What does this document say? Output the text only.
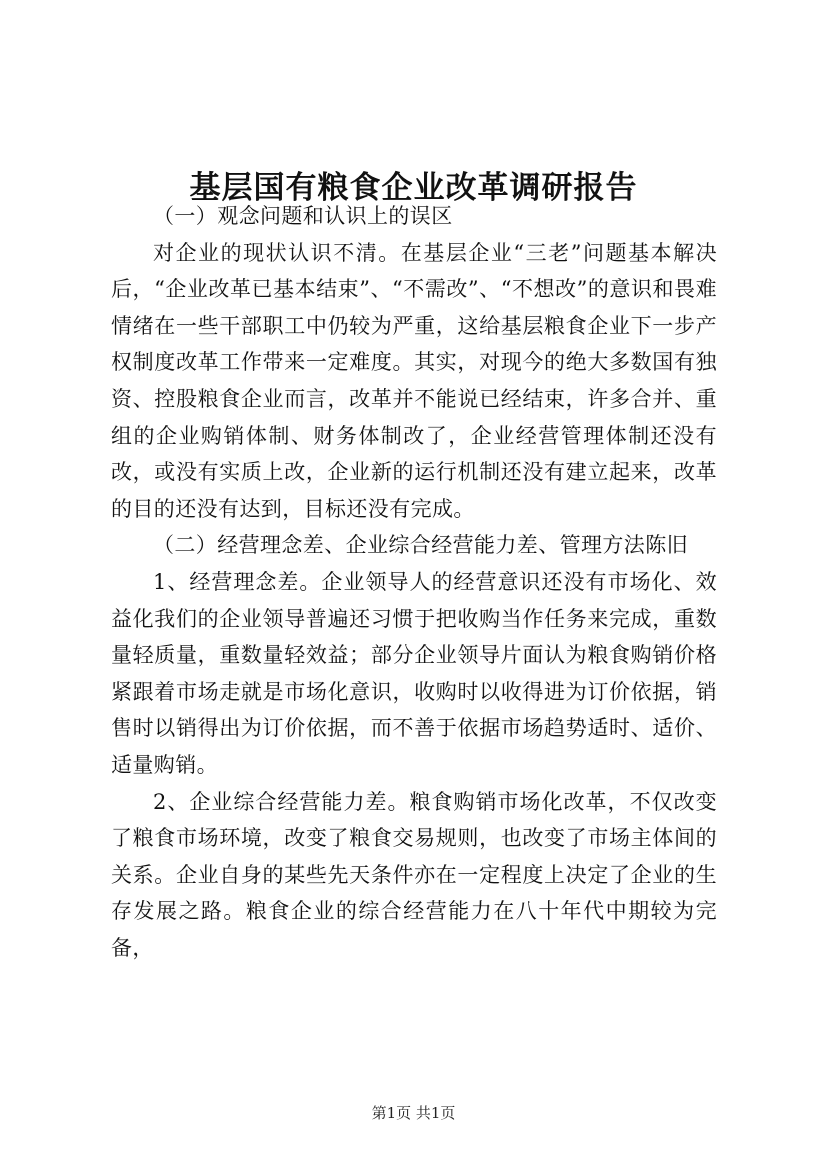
基层国有粮食企业改革调研报告

（一）观念问题和认识上的误区

对企业的现状认识不清。在基层企业“三老”问题基本解决后，“企业改革已基本结束”、“不需改”、“不想改”的意识和畏难情绪在一些干部职工中仍较为严重，这给基层粮食企业下一步产权制度改革工作带来一定难度。其实，对现今的绝大多数国有独资、控股粮食企业而言，改革并不能说已经结束，许多合并、重组的企业购销体制、财务体制改了，企业经营管理体制还没有改，或没有实质上改，企业新的运行机制还没有建立起来，改革的目的还没有达到，目标还没有完成。

（二）经营理念差、企业综合经营能力差、管理方法陈旧

1、经营理念差。企业领导人的经营意识还没有市场化、效益化我们的企业领导普遍还习惯于把收购当作任务来完成，重数量轻质量，重数量轻效益；部分企业领导片面认为粮食购销价格紧跟着市场走就是市场化意识，收购时以收得进为订价依据，销售时以销得出为订价依据，而不善于依据市场趋势适时、适价、适量购销。

2、企业综合经营能力差。粮食购销市场化改革，不仅改变了粮食市场环境，改变了粮食交易规则，也改变了市场主体间的关系。企业自身的某些先天条件亦在一定程度上决定了企业的生存发展之路。粮食企业的综合经营能力在八十年代中期较为完备，

第1页 共1页
